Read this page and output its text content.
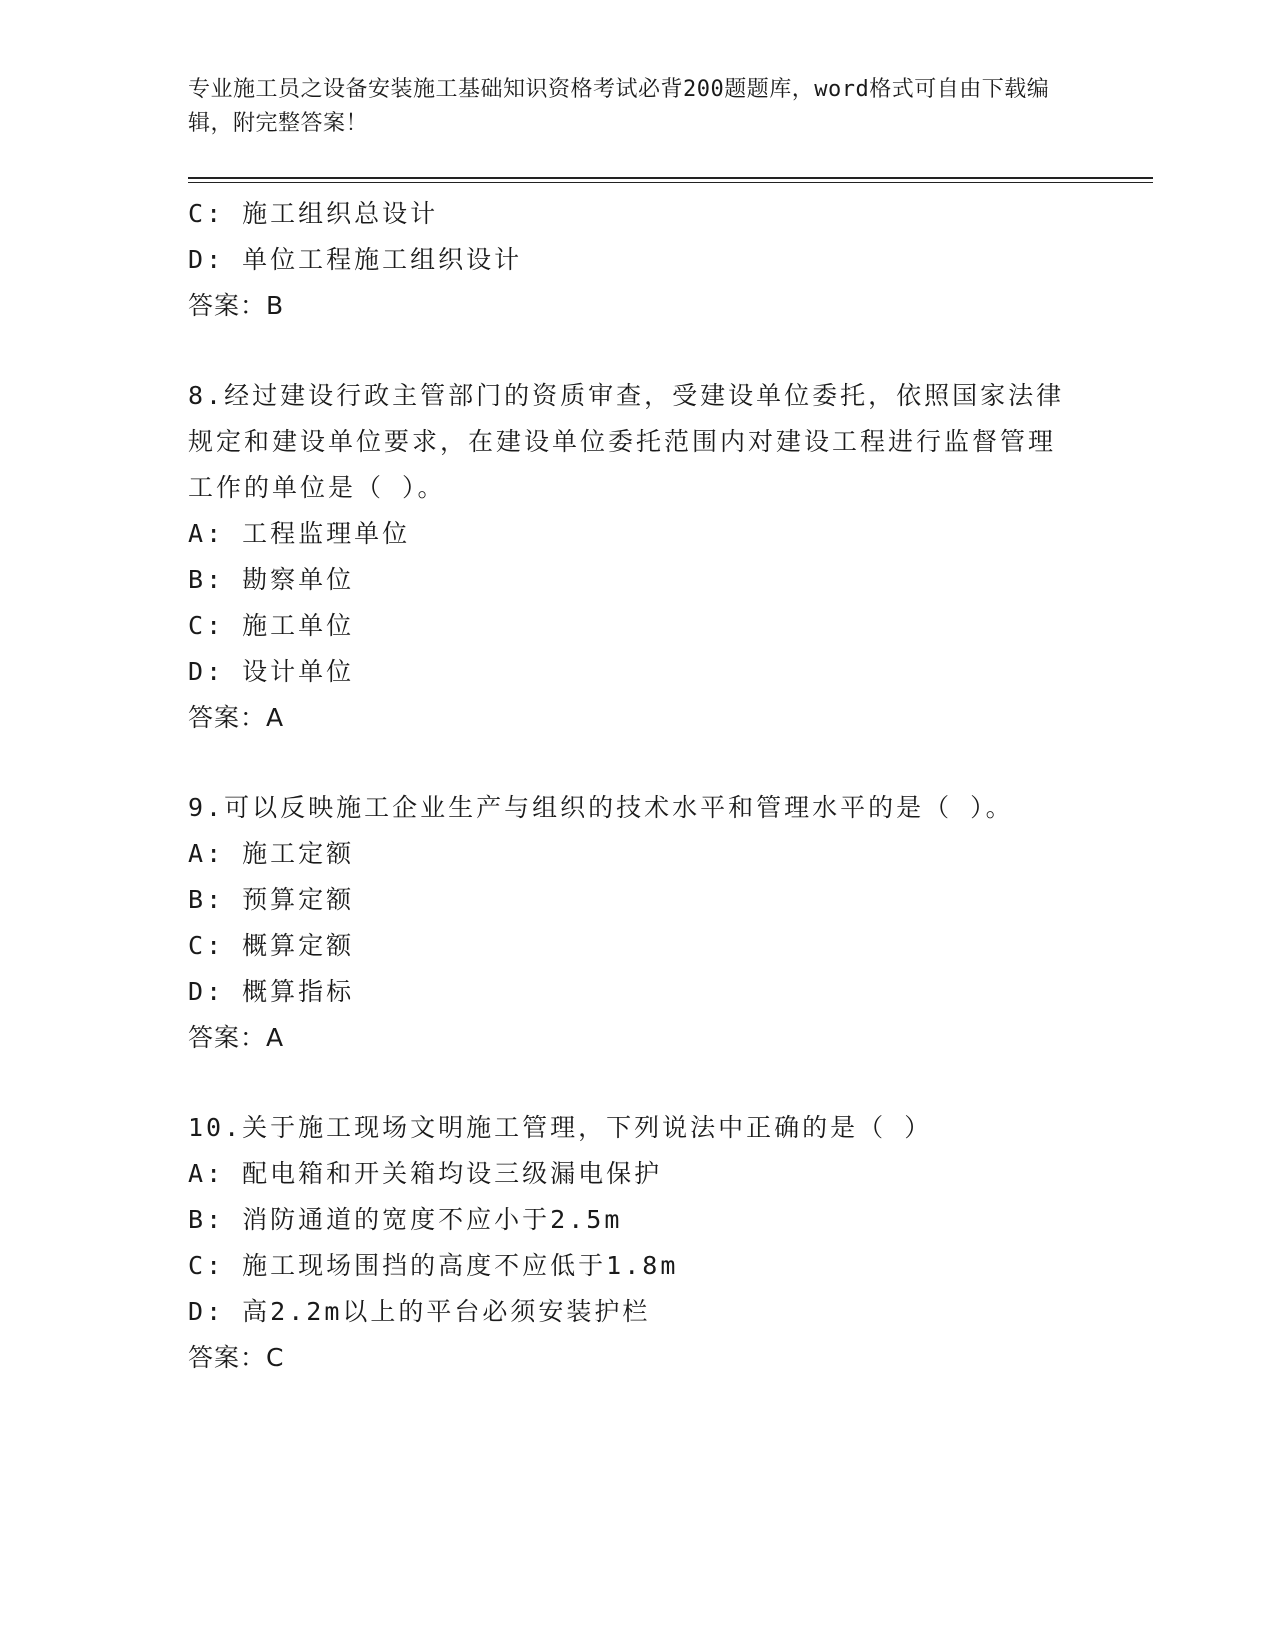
专业施工员之设备安装施工基础知识资格考试必背200题题库，word格式可自由下载编辑，附完整答案！
C: 施工组织总设计
D: 单位工程施工组织设计
答案：B
8.经过建设行政主管部门的资质审查，受建设单位委托，依照国家法律规定和建设单位要求，在建设单位委托范围内对建设工程进行监督管理工作的单位是（ ）。
A: 工程监理单位
B: 勘察单位
C: 施工单位
D: 设计单位
答案：A
9.可以反映施工企业生产与组织的技术水平和管理水平的是（ ）。
A: 施工定额
B: 预算定额
C: 概算定额
D: 概算指标
答案：A
10.关于施工现场文明施工管理，下列说法中正确的是（ ）
A: 配电箱和开关箱均设三级漏电保护
B: 消防通道的宽度不应小于2.5m
C: 施工现场围挡的高度不应低于1.8m
D: 高2.2m以上的平台必须安装护栏
答案：C
